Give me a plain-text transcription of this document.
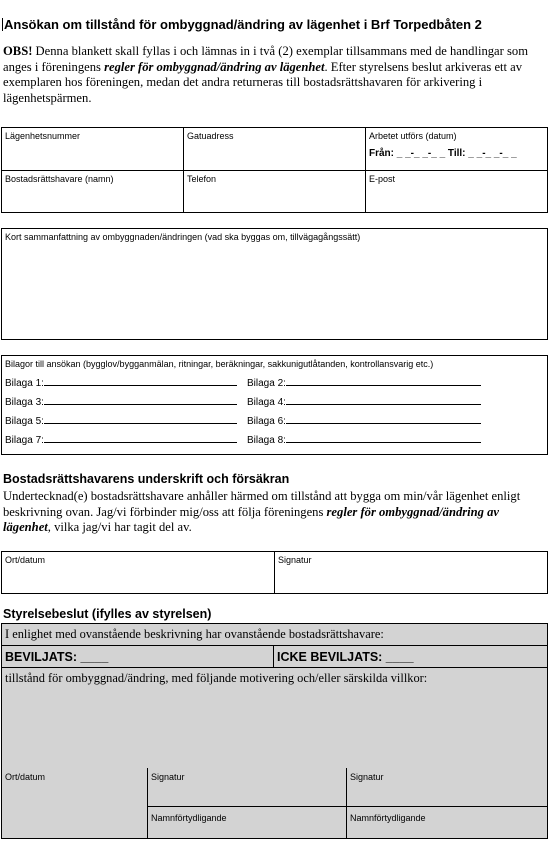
Ansökan om tillstånd för ombyggnad/ändring av lägenhet i Brf Torpedbåten 2
OBS! Denna blankett skall fyllas i och lämnas in i två (2) exemplar tillsammans med de handlingar som anges i föreningens regler för ombyggnad/ändring av lägenhet. Efter styrelsens beslut arkiveras ett av exemplaren hos föreningen, medan det andra returneras till bostadsrättshavaren för arkivering i lägenhetspärmen.
Lägenhetsnummer	Gatuadress	Arbetet utförs (datum)
Från: _ _-_ _-_ _ Till: _ _-_ _-_ _
Bostadsrättshavare (namn)	Telefon	E-post
Kort sammanfattning av ombyggnaden/ändringen (vad ska byggas om, tillvägagångssätt)
Bilagor till ansökan (bygglov/bygganmälan, ritningar, beräkningar, sakkunigutlåtanden, kontrollansvarig etc.)
Bilaga 1:	Bilaga 2:
Bilaga 3:	Bilaga 4:
Bilaga 5:	Bilaga 6:
Bilaga 7:	Bilaga 8:
Bostadsrättshavarens underskrift och försäkran
Undertecknad(e) bostadsrättshavare anhåller härmed om tillstånd att bygga om min/vår lägenhet enligt beskrivning ovan. Jag/vi förbinder mig/oss att följa föreningens regler för ombyggnad/ändring av lägenhet, vilka jag/vi har tagit del av.
Ort/datum	Signatur
Styrelsebeslut (ifylles av styrelsen)
I enlighet med ovanstående beskrivning har ovanstående bostadsrättshavare:
BEVILJATS: ____	ICKE BEVILJATS: ____
tillstånd för ombyggnad/ändring, med följande motivering och/eller särskilda villkor:
Ort/datum	Signatur	Signatur
Namnförtydligande	Namnförtydligande
